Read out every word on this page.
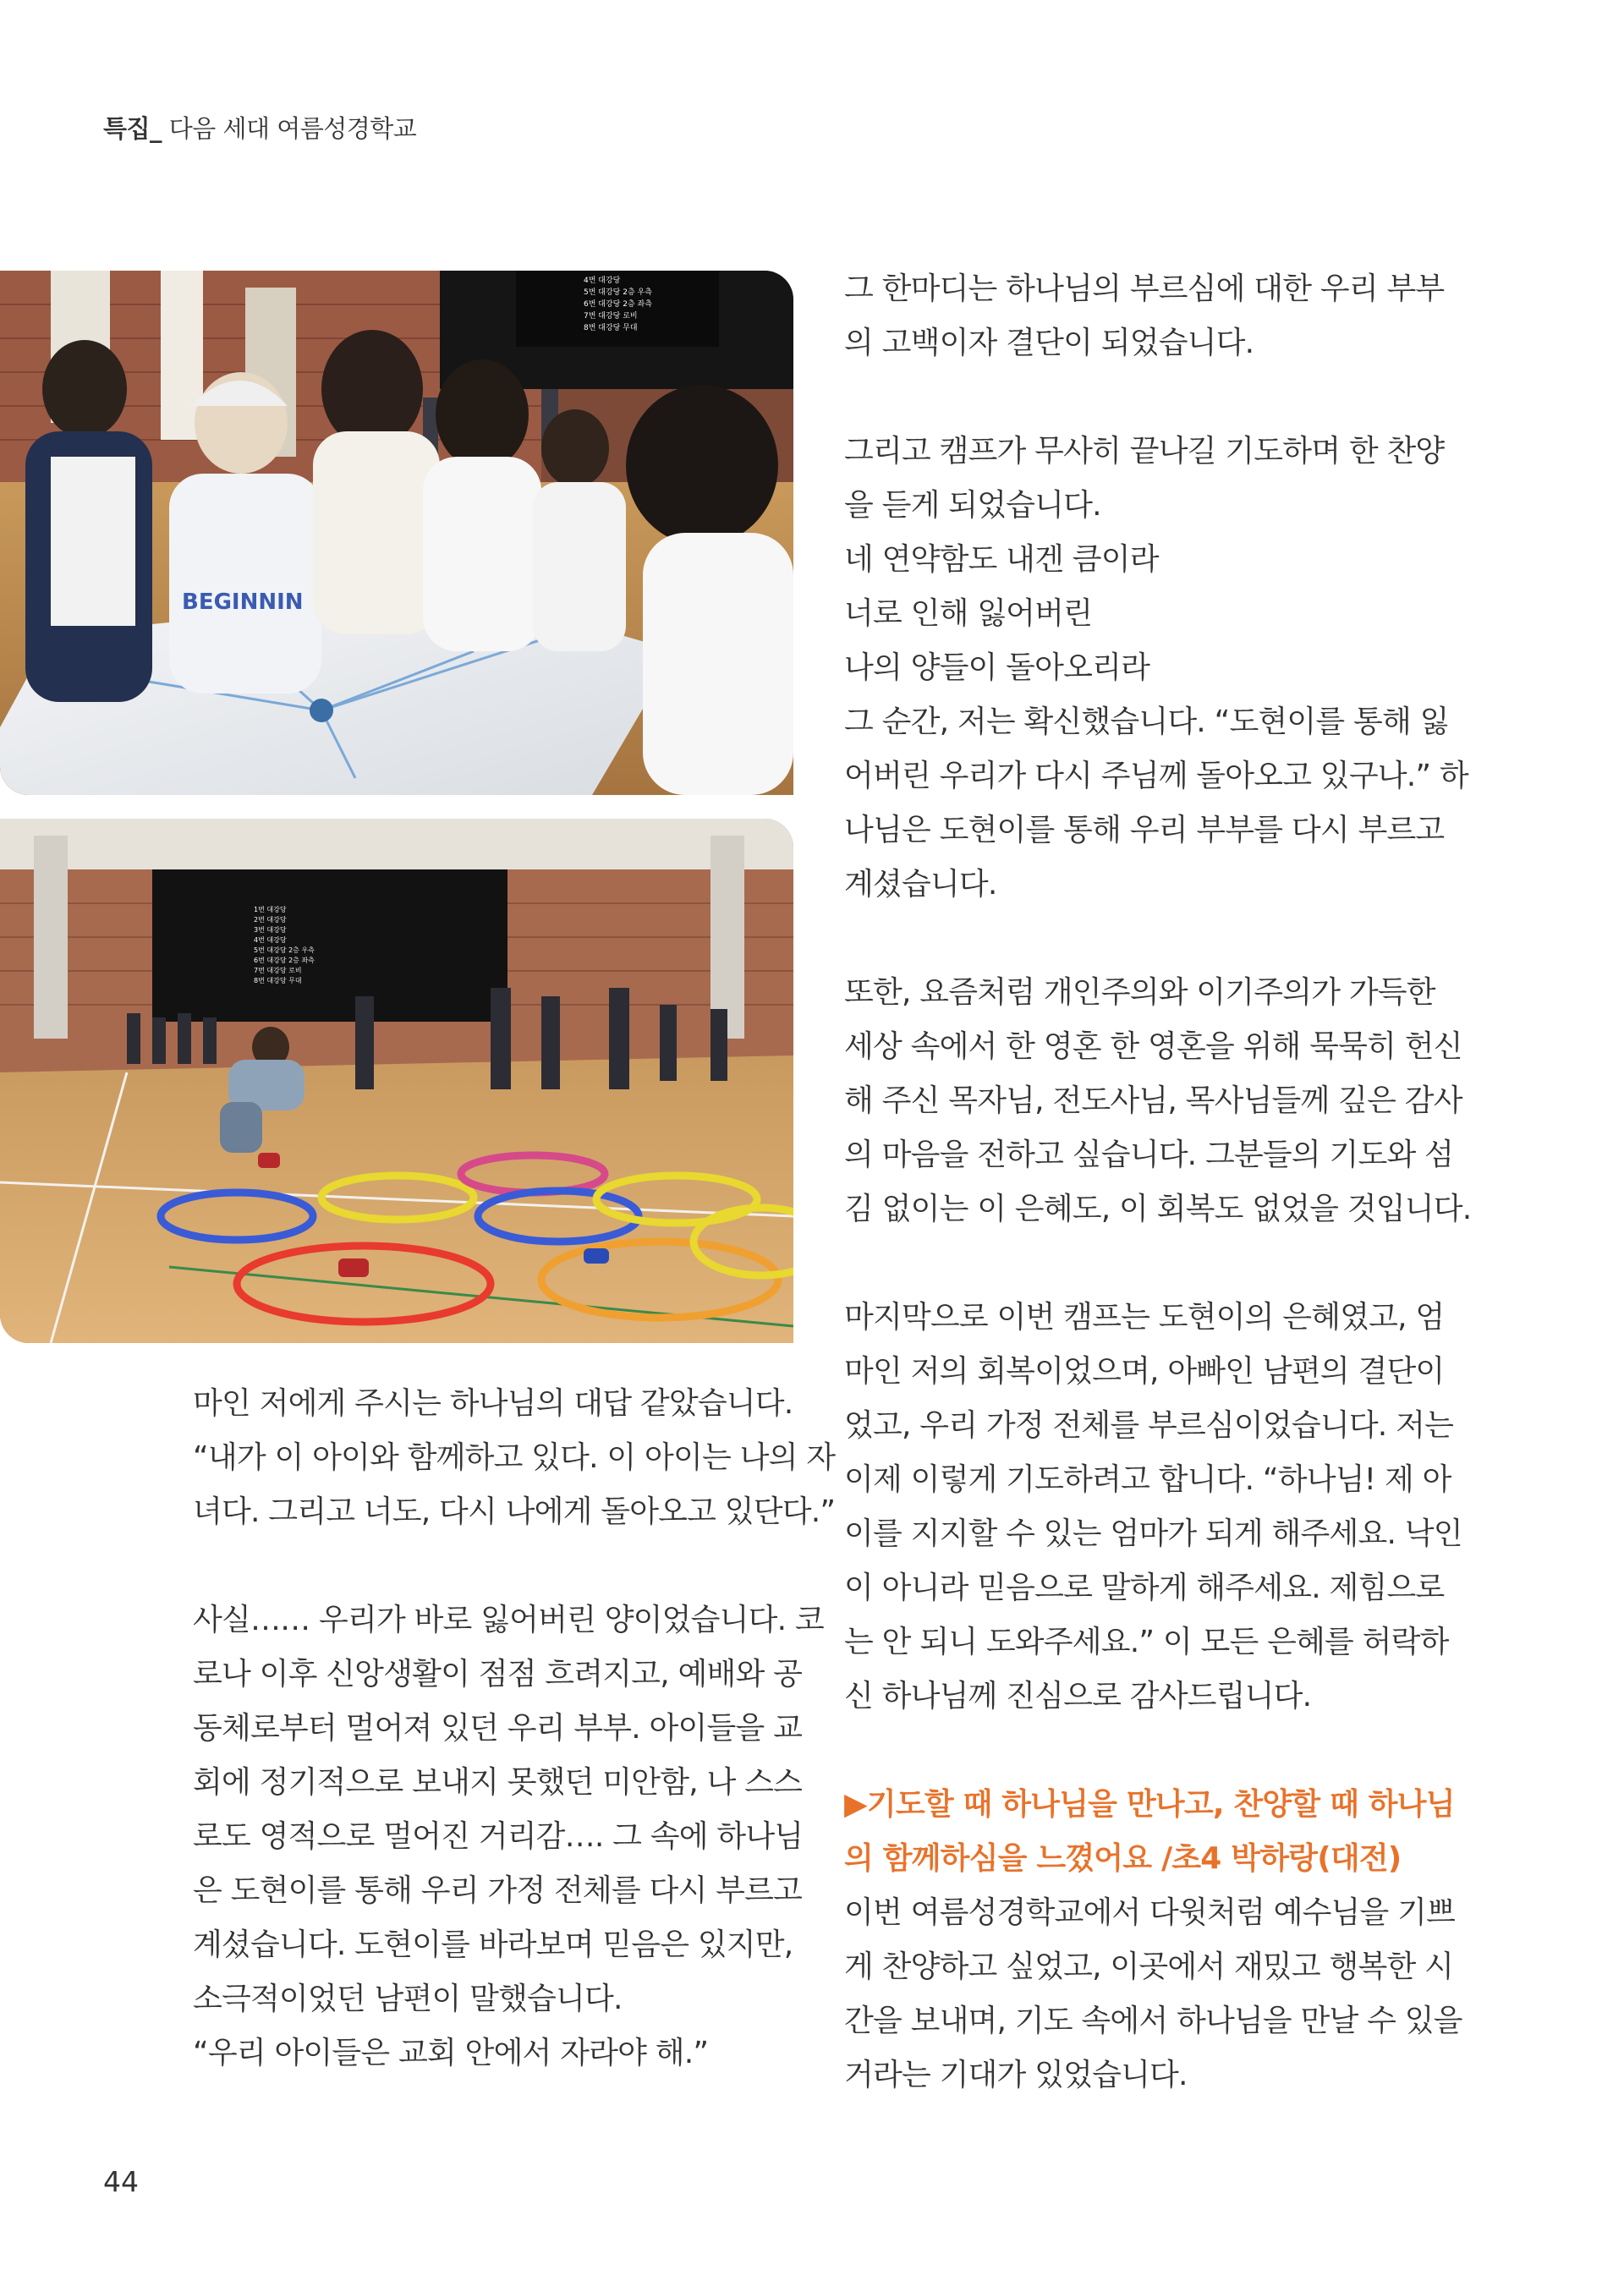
특집_ 다음 세대 여름성경학교
4번 대강당
5번 대강당 2층 우측
6번 대강당 2층 좌측
7번 대강당 로비
8번 대강당 무대
BEGINNIN
1번 대강당
2번 대강당
3번 대강당
4번 대강당
5번 대강당 2층 우측
6번 대강당 2층 좌측
7번 대강당 로비
8번 대강당 무대

마인 저에게 주시는 하나님의 대답 같았습니다.

“내가 이 아이와 함께하고 있다. 이 아이는 나의 자

녀다. 그리고 너도, 다시 나에게 돌아오고 있단다.”

사실…… 우리가 바로 잃어버린 양이었습니다. 코

로나 이후 신앙생활이 점점 흐려지고, 예배와 공

동체로부터 멀어져 있던 우리 부부. 아이들을 교

회에 정기적으로 보내지 못했던 미안함, 나 스스

로도 영적으로 멀어진 거리감…. 그 속에 하나님

은 도현이를 통해 우리 가정 전체를 다시 부르고

계셨습니다. 도현이를 바라보며 믿음은 있지만,

소극적이었던 남편이 말했습니다.

“우리 아이들은 교회 안에서 자라야 해.”

그 한마디는 하나님의 부르심에 대한 우리 부부

의 고백이자 결단이 되었습니다.

그리고 캠프가 무사히 끝나길 기도하며 한 찬양

을 듣게 되었습니다.

네 연약함도 내겐 큼이라

너로 인해 잃어버린

나의 양들이 돌아오리라

그 순간, 저는 확신했습니다. “도현이를 통해 잃

어버린 우리가 다시 주님께 돌아오고 있구나.” 하

나님은 도현이를 통해 우리 부부를 다시 부르고

계셨습니다.

또한, 요즘처럼 개인주의와 이기주의가 가득한

세상 속에서 한 영혼 한 영혼을 위해 묵묵히 헌신

해 주신 목자님, 전도사님, 목사님들께 깊은 감사

의 마음을 전하고 싶습니다. 그분들의 기도와 섬

김 없이는 이 은혜도, 이 회복도 없었을 것입니다.

마지막으로 이번 캠프는 도현이의 은혜였고, 엄

마인 저의 회복이었으며, 아빠인 남편의 결단이

었고, 우리 가정 전체를 부르심이었습니다. 저는

이제 이렇게 기도하려고 합니다. “하나님! 제 아

이를 지지할 수 있는 엄마가 되게 해주세요. 낙인

이 아니라 믿음으로 말하게 해주세요. 제힘으로

는 안 되니 도와주세요.” 이 모든 은혜를 허락하

신 하나님께 진심으로 감사드립니다.

▶기도할 때 하나님을 만나고, 찬양할 때 하나님

의 함께하심을 느꼈어요 /초4 박하랑(대전)

이번 여름성경학교에서 다윗처럼 예수님을 기쁘

게 찬양하고 싶었고, 이곳에서 재밌고 행복한 시

간을 보내며, 기도 속에서 하나님을 만날 수 있을

거라는 기대가 있었습니다.

44
